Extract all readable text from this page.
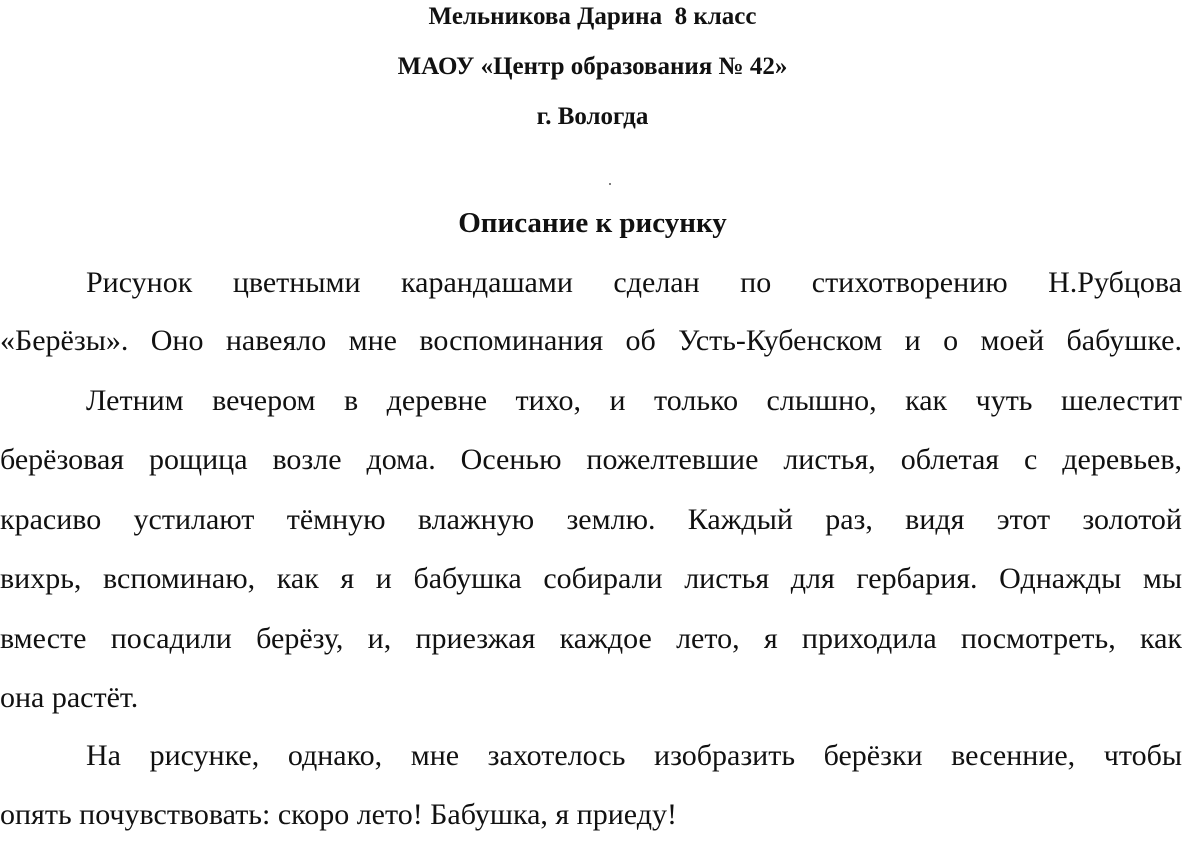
Мельникова Дарина  8 класс
МАОУ «Центр образования № 42»
г. Вологда
Описание к рисунку
Рисунок цветными карандашами сделан по стихотворению Н.Рубцова
«Берёзы». Оно навеяло мне воспоминания об Усть-Кубенском и о моей бабушке.
Летним вечером в деревне тихо, и только слышно, как чуть шелестит
берёзовая рощица возле дома. Осенью пожелтевшие листья, облетая с деревьев,
красиво устилают тёмную влажную землю. Каждый раз, видя этот золотой
вихрь, вспоминаю, как я и бабушка собирали листья для гербария. Однажды мы
вместе посадили берёзу, и, приезжая каждое лето, я приходила посмотреть, как
она растёт.
На рисунке, однако, мне захотелось изобразить берёзки весенние, чтобы
опять почувствовать: скоро лето! Бабушка, я приеду!
